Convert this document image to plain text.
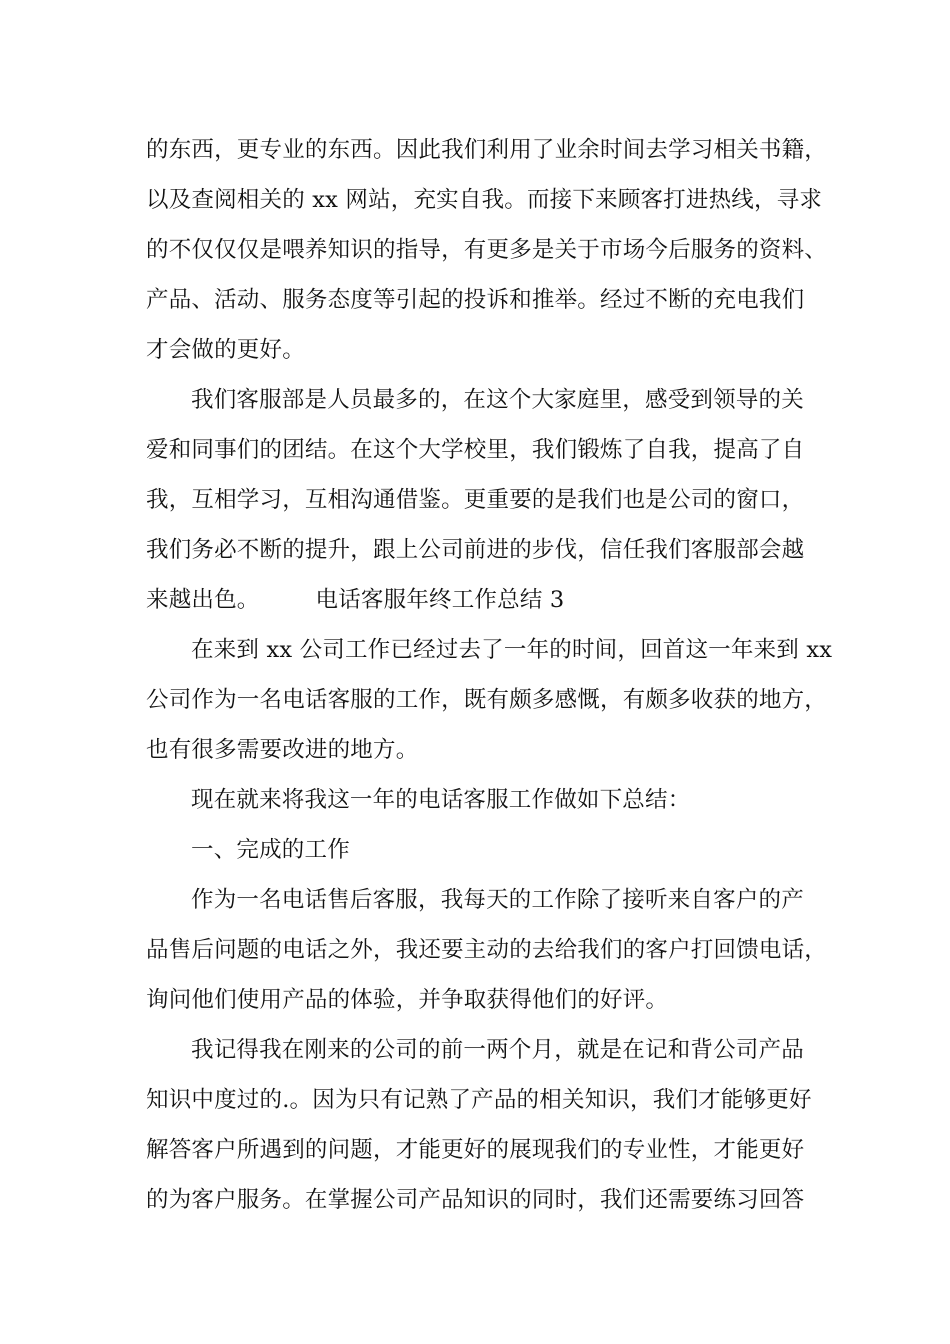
的东西，更专业的东西。因此我们利用了业余时间去学习相关书籍，
以及查阅相关的 xx 网站，充实自我。而接下来顾客打进热线，寻求
的不仅仅仅是喂养知识的指导，有更多是关于市场今后服务的资料、
产品、活动、服务态度等引起的投诉和推举。经过不断的充电我们
才会做的更好。
我们客服部是人员最多的，在这个大家庭里，感受到领导的关
爱和同事们的团结。在这个大学校里，我们锻炼了自我，提高了自
我，互相学习，互相沟通借鉴。更重要的是我们也是公司的窗口，
我们务必不断的提升，跟上公司前进的步伐，信任我们客服部会越
来越出色。 电话客服年终工作总结 3
在来到 xx 公司工作已经过去了一年的时间，回首这一年来到 xx
公司作为一名电话客服的工作，既有颇多感慨，有颇多收获的地方，
也有很多需要改进的地方。
现在就来将我这一年的电话客服工作做如下总结：
一、完成的工作
作为一名电话售后客服，我每天的工作除了接听来自客户的产
品售后问题的电话之外，我还要主动的去给我们的客户打回馈电话，
询问他们使用产品的体验，并争取获得他们的好评。
我记得我在刚来的公司的前一两个月，就是在记和背公司产品
知识中度过的.。因为只有记熟了产品的相关知识，我们才能够更好
解答客户所遇到的问题，才能更好的展现我们的专业性，才能更好
的为客户服务。在掌握公司产品知识的同时，我们还需要练习回答
